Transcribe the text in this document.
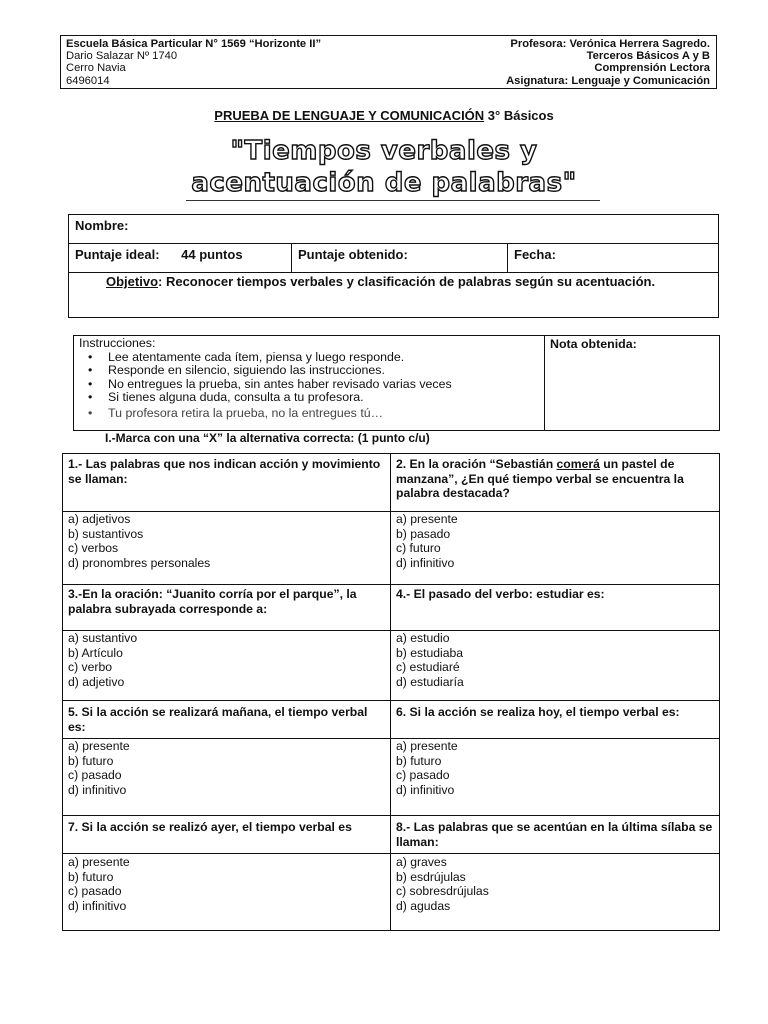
Escuela Básica Particular N° 1569 “Horizonte II”
Dario Salazar Nº 1740
Cerro Navia
6496014
Profesora: Verónica Herrera Sagredo.
Terceros Básicos A y B
Comprensión Lectora
Asignatura: Lenguaje y Comunicación
PRUEBA DE LENGUAJE Y COMUNICACIÓN 3° Básicos
"Tiempos verbales y
acentuación de palabras"
Nombre:
Puntaje ideal: 44 puntos	Puntaje obtenido:	Fecha:
Objetivo: Reconocer tiempos verbales y clasificación de palabras según su acentuación.
Instrucciones:
• Lee atentamente cada ítem, piensa y luego responde.
• Responde en silencio, siguiendo las instrucciones.
• No entregues la prueba, sin antes haber revisado varias veces
• Si tienes alguna duda, consulta a tu profesora.
• Tu profesora retira la prueba, no la entregues tú…
Nota obtenida:
I.-Marca con una “X” la alternativa correcta: (1 punto c/u)
1.- Las palabras que nos indican acción y movimiento se llaman:
a) adjetivos
b) sustantivos
c) verbos
d) pronombres personales
2. En la oración “Sebastián comerá un pastel de manzana”, ¿En qué tiempo verbal se encuentra la palabra destacada?
a) presente
b) pasado
c) futuro
d) infinitivo
3.-En la oración: “Juanito corría por el parque”, la palabra subrayada corresponde a:
a) sustantivo
b) Artículo
c) verbo
d) adjetivo
4.- El pasado del verbo: estudiar es:
a) estudio
b) estudiaba
c) estudiaré
d) estudiaría
5. Si la acción se realizará mañana, el tiempo verbal es:
a) presente
b) futuro
c) pasado
d) infinitivo
6. Si la acción se realiza hoy, el tiempo verbal es:
a) presente
b) futuro
c) pasado
d) infinitivo
7. Si la acción se realizó ayer, el tiempo verbal es
a) presente
b) futuro
c) pasado
d) infinitivo
8.- Las palabras que se acentúan en la última sílaba se llaman:
a) graves
b) esdrújulas
c) sobresdrújulas
d) agudas
